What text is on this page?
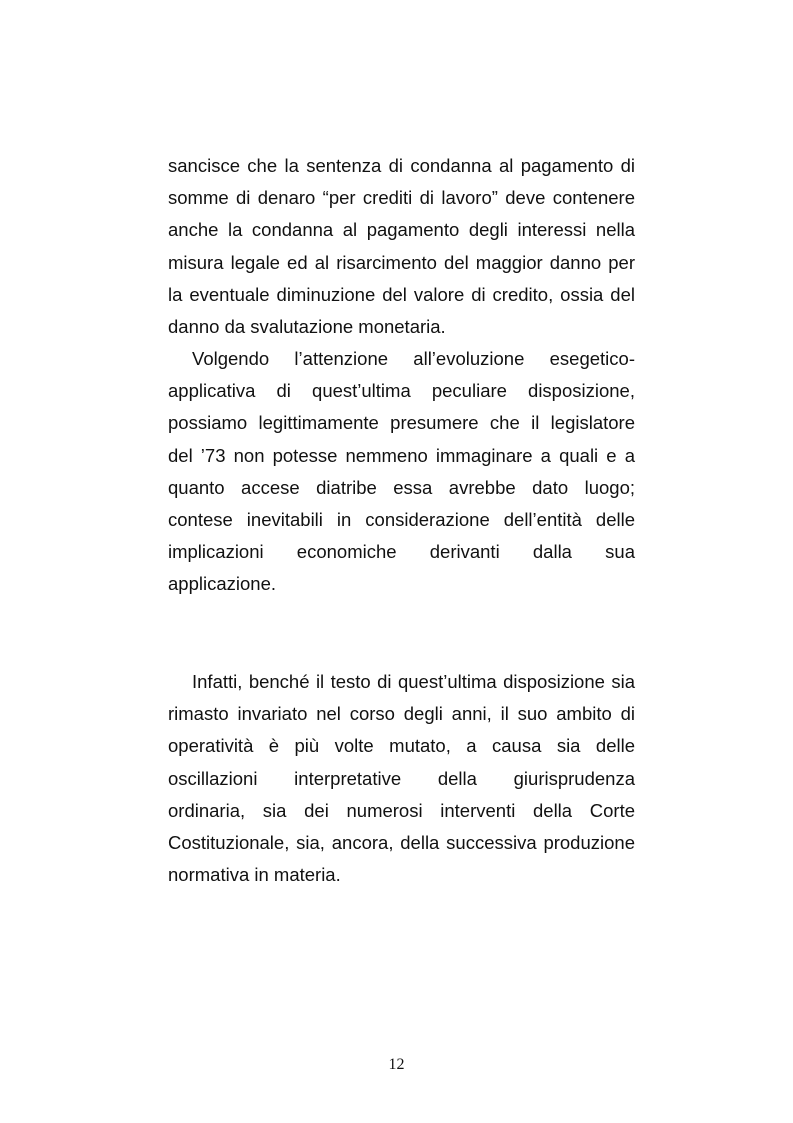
sancisce che la sentenza di condanna al pagamento di
somme di denaro “per crediti di lavoro” deve contenere
anche la condanna al pagamento degli interessi nella
misura legale ed al risarcimento del maggior danno per
la eventuale diminuzione del valore di credito, ossia del
danno da svalutazione monetaria.
Volgendo l’attenzione all’evoluzione esegetico-
applicativa di quest’ultima peculiare disposizione,
possiamo legittimamente presumere che il legislatore
del ’73 non potesse nemmeno immaginare a quali e a
quanto accese diatribe essa avrebbe dato luogo;
contese inevitabili in considerazione dell’entità delle
implicazioni economiche derivanti dalla sua
applicazione.
Infatti, benché il testo di quest’ultima disposizione sia
rimasto invariato nel corso degli anni, il suo ambito di
operatività è più volte mutato, a causa sia delle
oscillazioni interpretative della giurisprudenza
ordinaria, sia dei numerosi interventi della Corte
Costituzionale, sia, ancora, della successiva produzione
normativa in materia.
12
